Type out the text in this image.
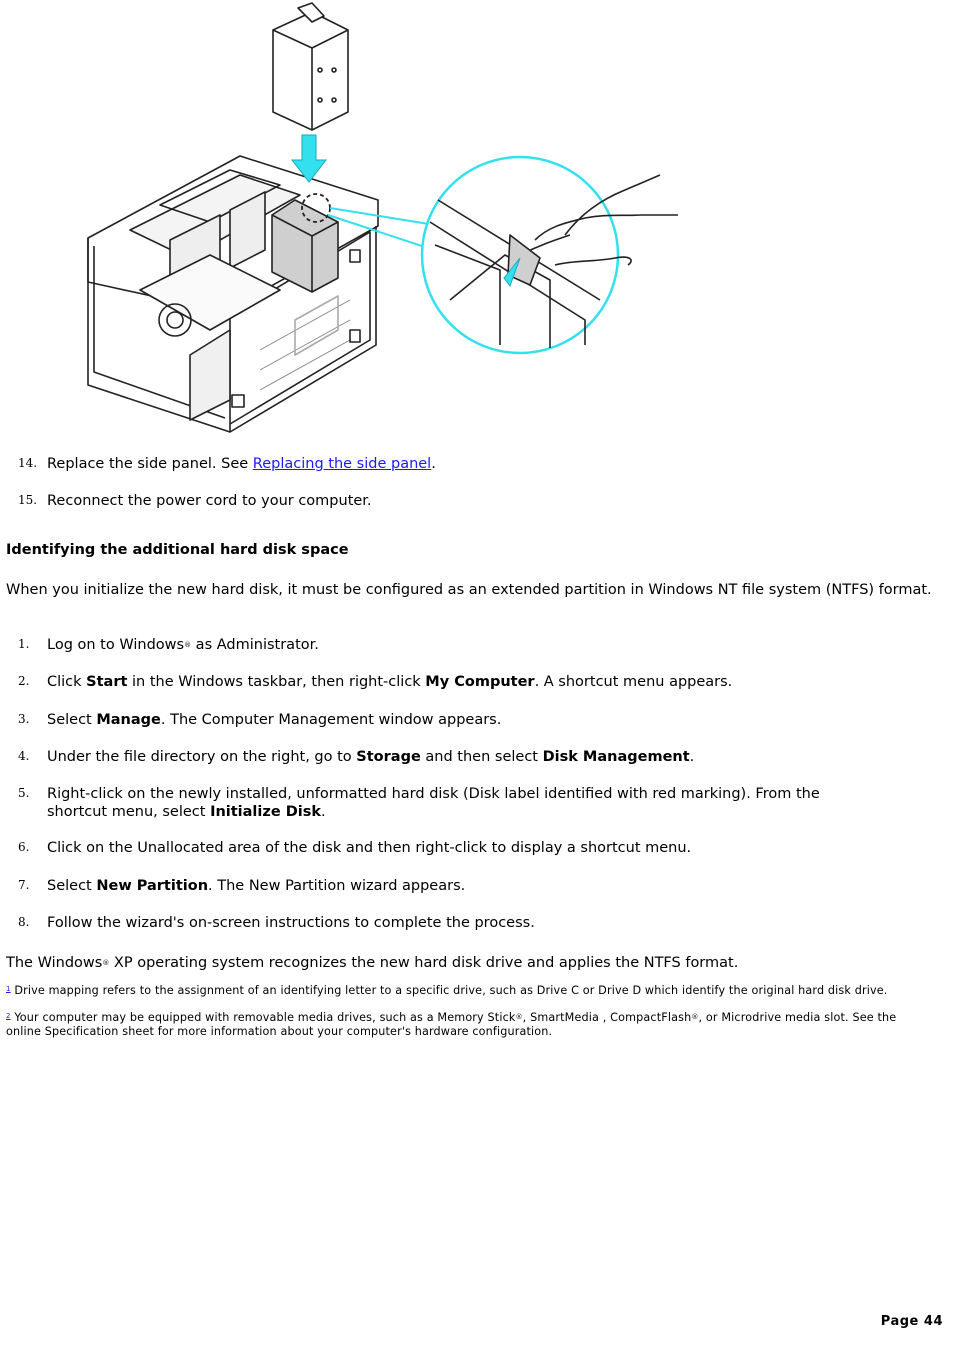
14. Replace the side panel. See Replacing the side panel.
15. Reconnect the power cord to your computer.
Identifying the additional hard disk space
When you initialize the new hard disk, it must be configured as an extended partition in Windows NT file system (NTFS) format.
1.	Log on to Windows® as Administrator.
2.	Click Start in the Windows taskbar, then right-click My Computer. A shortcut menu appears.
3.	Select Manage. The Computer Management window appears.
4.	Under the file directory on the right, go to Storage and then select Disk Management.
5.	Right-click on the newly installed, unformatted hard disk (Disk label identified with red marking). From the
shortcut menu, select Initialize Disk.
6.	Click on the Unallocated area of the disk and then right-click to display a shortcut menu.
7.	Select New Partition. The New Partition wizard appears.
8.	Follow the wizard's on-screen instructions to complete the process.
The Windows® XP operating system recognizes the new hard disk drive and applies the NTFS format.
$^1$ Drive mapping refers to the assignment of an identifying letter to a specific drive, such as Drive C or Drive D which identify the original hard disk drive.
$^2$ Your computer may be equipped with removable media drives, such as a Memory Stick®, SmartMedia , CompactFlash®, or Microdrive media slot. See the
online Specification sheet for more information about your computer's hardware configuration.
Page 44
